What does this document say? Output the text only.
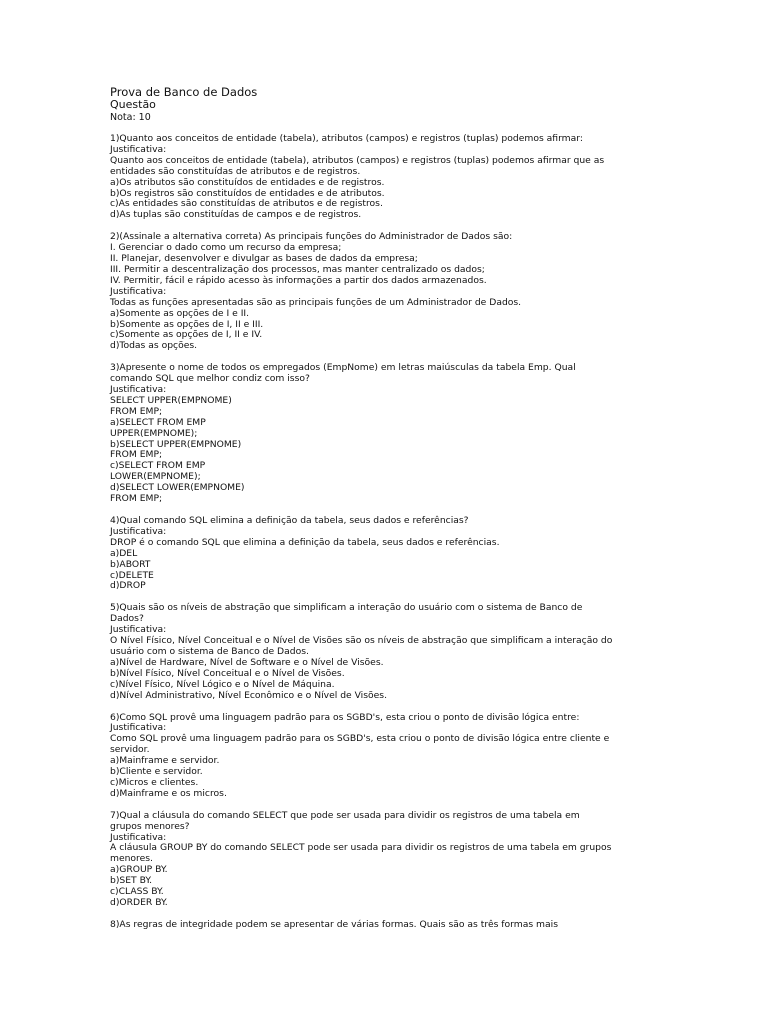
Prova de Banco de Dados
Questão
Nota: 10
1)Quanto aos conceitos de entidade (tabela), atributos (campos) e registros (tuplas) podemos afirmar:
Justificativa:
Quanto aos conceitos de entidade (tabela), atributos (campos) e registros (tuplas) podemos afirmar que as
entidades são constituídas de atributos e de registros.
a)Os atributos são constituídos de entidades e de registros.
b)Os registros são constituídos de entidades e de atributos.
c)As entidades são constituídas de atributos e de registros.
d)As tuplas são constituídas de campos e de registros.
2)(Assinale a alternativa correta) As principais funções do Administrador de Dados são:
I. Gerenciar o dado como um recurso da empresa;
II. Planejar, desenvolver e divulgar as bases de dados da empresa;
III. Permitir a descentralização dos processos, mas manter centralizado os dados;
IV. Permitir, fácil e rápido acesso às informações a partir dos dados armazenados.
Justificativa:
Todas as funções apresentadas são as principais funções de um Administrador de Dados.
a)Somente as opções de I e II.
b)Somente as opções de I, II e III.
c)Somente as opções de I, II e IV.
d)Todas as opções.
3)Apresente o nome de todos os empregados (EmpNome) em letras maiúsculas da tabela Emp. Qual
comando SQL que melhor condiz com isso?
Justificativa:
SELECT UPPER(EMPNOME)
FROM EMP;
a)SELECT FROM EMP
UPPER(EMPNOME);
b)SELECT UPPER(EMPNOME)
FROM EMP;
c)SELECT FROM EMP
LOWER(EMPNOME);
d)SELECT LOWER(EMPNOME)
FROM EMP;
4)Qual comando SQL elimina a definição da tabela, seus dados e referências?
Justificativa:
DROP é o comando SQL que elimina a definição da tabela, seus dados e referências.
a)DEL
b)ABORT
c)DELETE
d)DROP
5)Quais são os níveis de abstração que simplificam a interação do usuário com o sistema de Banco de
Dados?
Justificativa:
O Nível Físico, Nível Conceitual e o Nível de Visões são os níveis de abstração que simplificam a interação do
usuário com o sistema de Banco de Dados.
a)Nível de Hardware, Nível de Software e o Nível de Visões.
b)Nível Físico, Nível Conceitual e o Nível de Visões.
c)Nível Físico, Nível Lógico e o Nível de Máquina.
d)Nível Administrativo, Nível Econômico e o Nível de Visões.
6)Como SQL provê uma linguagem padrão para os SGBD's, esta criou o ponto de divisão lógica entre:
Justificativa:
Como SQL provê uma linguagem padrão para os SGBD's, esta criou o ponto de divisão lógica entre cliente e
servidor.
a)Mainframe e servidor.
b)Cliente e servidor.
c)Micros e clientes.
d)Mainframe e os micros.
7)Qual a cláusula do comando SELECT que pode ser usada para dividir os registros de uma tabela em
grupos menores?
Justificativa:
A cláusula GROUP BY do comando SELECT pode ser usada para dividir os registros de uma tabela em grupos
menores.
a)GROUP BY.
b)SET BY.
c)CLASS BY.
d)ORDER BY.
8)As regras de integridade podem se apresentar de várias formas. Quais são as três formas mais
